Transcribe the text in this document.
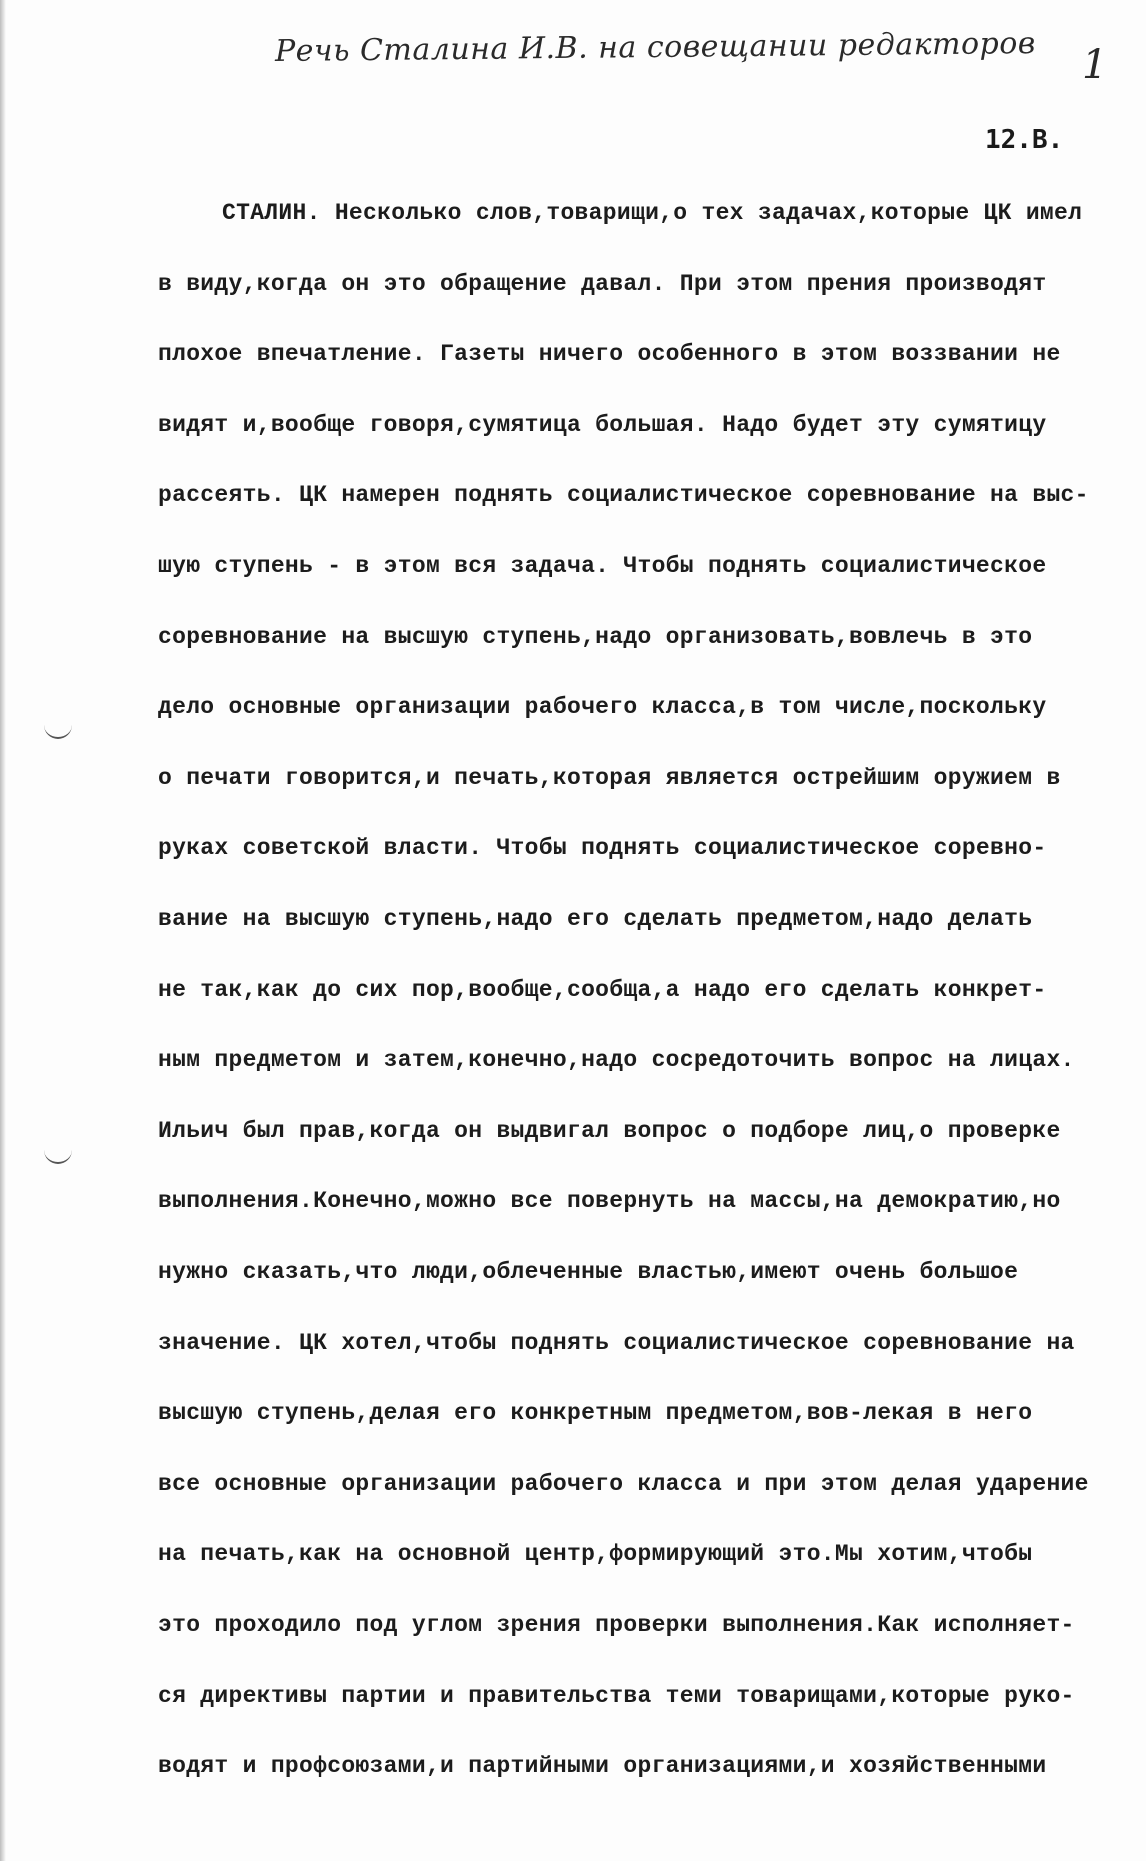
Речь Сталина И.В. на совещании редакторов 1
12.В.
СТАЛИН. Несколько слов,товарищи,о тех задачах,которые ЦК имел
в виду,когда он это обращение давал. При этом прения производят
плохое впечатление. Газеты ничего особенного в этом воззвании не
видят и,вообще говоря,сумятица большая. Надо будет эту сумятицу
рассеять. ЦК намерен поднять социалистическое соревнование на выс-
шую ступень - в этом вся задача. Чтобы поднять социалистическое
соревнование на высшую ступень,надо организовать,вовлечь в это
дело основные организации рабочего класса,в том числе,поскольку
о печати говорится,и печать,которая является острейшим оружием в
руках советской власти. Чтобы поднять социалистическое соревно-
вание на высшую ступень,надо его сделать предметом,надо делать
не так,как до сих пор,вообще,сообща,а надо его сделать конкрет-
ным предметом и затем,конечно,надо сосредоточить вопрос на лицах.
Ильич был прав,когда он выдвигал вопрос о подборе лиц,о проверке
выполнения.Конечно,можно все повернуть на массы,на демократию,но
нужно сказать,что люди,облеченные властью,имеют очень большое
значение. ЦК хотел,чтобы поднять социалистическое соревнование на
высшую ступень,делая его конкретным предметом,вов-лекая в него
все основные организации рабочего класса и при этом делая ударение
на печать,как на основной центр,формирующий это.Мы хотим,чтобы
это проходило под углом зрения проверки выполнения.Как исполняет-
ся директивы партии и правительства теми товарищами,которые руко-
водят и профсоюзами,и партийными организациями,и хозяйственными
